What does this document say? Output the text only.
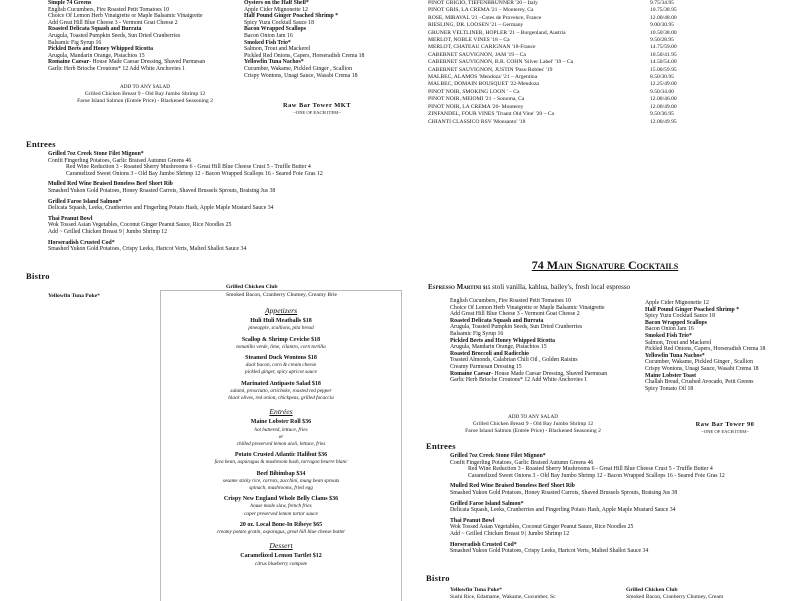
Simple 74 Greens
English Cucumbers, Fire Roasted Petit Tomatoes 10
Choice Of Lemon Herb Vinaigrette or Maple Balsamic Vinaigrette
Add Great Hill Blue Cheese 3 - Vermont Goat Cheese 2
Roasted Delicata Squash and Burrata
Arugula, Toasted Pumpkin Seeds, Sun Dried Cranberries
Balsamic Fig Syrup 16
Pickled Beets and Honey Whipped Ricotta
Arugula, Mandarin Orange, Pistachios 15
Romaine Caesar- House Made Caesar Dressing, Shaved Parmesan
Garlic Herb Brioche Croutons* 12 Add White Anchovies 1
ADD TO ANY SALAD
Grilled Chicken Breast 9 - Old Bay Jumbo Shrimp 12
Faroe Island Salmon (Entrée Price) - Blackened Seasoning 2
Oysters on the Half Shell*
Apple Cider Mignonette 12
Half Pound Ginger Poached Shrimp *
Spicy Yuzu Cocktail Sauce 18
Bacon Wrapped Scallops
Bacon Onion Jam 16
Smoked Fish Trio*
Salmon, Trout and Mackerel
Pickled Red Onions, Capers, Horseradish Crema 18
Yellowfin Tuna Nachos*
Cucumber, Wakame, Pickled Ginger , Scallion
Crispy Wontons, Unagi Sauce, Wasabi Crema 18
Raw Bar Tower MKT
~ONE OF EACH ITEM~
Entrees
Grilled 7oz Creek Stone Filet Mignon*
Confit Fingerling Potatoes, Garlic Braised Autumn Greens 46
Red Wine Reduction 3 - Roasted Sherry Mushrooms 6 - Great Hill Blue Cheese Crust 5 - Truffle Butter 4
Caramelized Sweet Onions 3 - Old Bay Jumbo Shrimp 12 - Bacon Wrapped Scallops 16 - Seared Foie Gras 12
Mulled Red Wine Braised Boneless Beef Short Rib
Smashed Yukon Gold Potatoes, Honey Roasted Carrots, Shaved Brussels Sprouts, Braising Jus 38
Grilled Faroe Island Salmon*
Delicata Squash, Leeks, Cranberries and Fingerling Potato Hash, Apple Maple Mustard Sauce 34
Thai Peanut Bowl
Wok Tossed Asian Vegetables, Coconut Ginger Peanut Sauce, Rice Noodles 25
Add ~ Grilled Chicken Breast 9 | Jumbo Shrimp 12
Horseradish Crusted Cod*
Smashed Yukon Gold Potatoes, Crispy Leeks, Haricot Verts, Malted Shallot Sauce 34
Bistro
Yellowfin Tuna Poke*
Grilled Chicken Club
Smoked Bacon, Cranberry Chutney, Creamy Brie
PINOT GRIGIO, TIEFENBRUNNER '20 – Italy	9.75/34.95
PINOT GRIS, LA CREMA '21 – Monterey, Ca	10.75/38.95
ROSE, MIRAVAL '21 –Cotes de Provence, France	12.00/48.00
RIESLING, DR. LOOSEN '21 – Germany	9.00/30.95
GRUNER VELTLINER, HOPLER '21 – Burgenland, Austria	10.50/38.00
MERLOT, NOBLE VINES '18 – Ca	9.50/28.95
MERLOT, CHATEAU CARIGNAN '18-France	14.75/59.00
CABERNET SAUVIGNON, JAM '19 – Ca	10.50/41.95
CABERNET SAUVIGNON, B.R. COHN 'Silver Label' '19 – Ca	14.50/54.00
CABERNET SAUVIGNON, JUSTIN 'Paso Robles' '19	15.00/59.95
MALBEC, ALAMOS 'Mendoza' '21 – Argentina	8.50/30.95
MALBEC, DOMAIN BOUSQUET '22-Mendoza	12.25/49.00
PINOT NOIR, SMOKING LOON ' – Ca	9.50/34.00
PINOT NOIR, MEIOMI '21 – Sonoma, Ca	12.00/46.00
PINOT NOIR, LA CREMA '20- Monterey	12.00/49.00
ZINFANDEL, FOUR VINES 'Truant Old Vine' '20 – Ca	9.50/36.95
CHIANTI CLASSICO RSV 'Monsanto' '18	12.00/49.95
74 Main Signature Cocktails
Espresso Martini $15 stoli vanilla, kahlua, bailey's, fresh local espresso
Appetizers
Huli Huli Meatballs $18
pineapple, scallions, pita bread
Scallop & Shrimp Ceviche $18
tomatillo verde, lime, cilantro, corn tortilla
Steamed Duck Wontons $18
duck bacon, corn & cream cheese
pickled ginger, spicy apricot sauce
Marinated Antipasto Salad $18
salami, prosciutto, artichoke, roasted red pepper
black olives, red onion, chickpeas, grilled focaccia
Entrées
Maine Lobster Roll $36
hot buttered, lettuce, fries
or
chilled preserved lemon aioli, lettuce, fries
Potato Crusted Atlantic Halibut $36
fava bean, asparagus & mushroom hash, tarragon beurre blanc
Beef Bibimbap $34
sesame sticky rice, carrots, zucchini, mung bean sprouts
spinach, mushrooms, fried egg
Crispy New England Whole Belly Clams $36
house made slaw, french fries
caper preserved lemon tartar sauce
20 oz. Local Bone-In Ribeye $65
creamy potato gratin, asparagus, great hill blue cheese butter
Dessert
Caramelized Lemon Tartlet $12
citrus blueberry compote
English Cucumbers, Fire Roasted Petit Tomatoes 10
Choice Of Lemon Herb Vinaigrette or Maple Balsamic Vinaigrette
Add Great Hill Blue Cheese 3 - Vermont Goat Cheese 2
Roasted Delicata Squash and Burrata
Arugula, Toasted Pumpkin Seeds, Sun Dried Cranberries
Balsamic Fig Syrup 16
Pickled Beets and Honey Whipped Ricotta
Arugula, Mandarin Orange, Pistachios 15
Roasted Broccoli and Radicchio
Toasted Almonds, Calabrian Chili Oil , Golden Raisins
Creamy Parmesan Dressing 15
Romaine Caesar- House Made Caesar Dressing, Shaved Parmesan
Garlic Herb Brioche Croutons* 12 Add White Anchovies 1
ADD TO ANY SALAD
Grilled Chicken Breast 9 - Old Bay Jumbo Shrimp 12
Faroe Island Salmon (Entrée Price) - Blackened Seasoning 2
Apple Cider Mignonette 12
Half Pound Ginger Poached Shrimp *
Spicy Yuzu Cocktail Sauce 18
Bacon Wrapped Scallops
Bacon Onion Jam 16
Smoked Fish Trio*
Salmon, Trout and Mackerel
Pickled Red Onions, Capers, Horseradish Crema 18
Yellowfin Tuna Nachos*
Cucumber, Wakame, Pickled Ginger , Scallion
Crispy Wontons, Unagi Sauce, Wasabi Crema 18
Maine Lobster Toast
Challah Bread, Crushed Avocado, Petit Greens
Spicy Tomato Oil 18
Raw Bar Tower 90
~ONE OF EACH ITEM~
Entrees
Grilled 7oz Creek Stone Filet Mignon*
Confit Fingerling Potatoes, Garlic Braised Autumn Greens 46
Red Wine Reduction 3 - Roasted Sherry Mushrooms 6 - Great Hill Blue Cheese Crust 5 - Truffle Butter 4
Caramelized Sweet Onions 3 - Old Bay Jumbo Shrimp 12 - Bacon Wrapped Scallops 16 - Seared Foie Gras 12
Mulled Red Wine Braised Boneless Beef Short Rib
Smashed Yukon Gold Potatoes, Honey Roasted Carrots, Shaved Brussels Sprouts, Braising Jus 38
Grilled Faroe Island Salmon*
Delicata Squash, Leeks, Cranberries and Fingerling Potato Hash, Apple Maple Mustard Sauce 34
Thai Peanut Bowl
Wok Tossed Asian Vegetables, Coconut Ginger Peanut Sauce, Rice Noodles 25
Add ~ Grilled Chicken Breast 9 | Jumbo Shrimp 12
Horseradish Crusted Cod*
Smashed Yukon Gold Potatoes, Crispy Leeks, Haricot Verts, Malted Shallot Sauce 34
Bistro
Yellowfin Tuna Poke*
Sushi Rice, Edamame, Wakame, Cucumber, Sc
Grilled Chicken Club
Smoked Bacon, Cranberry Chutney, Cream
